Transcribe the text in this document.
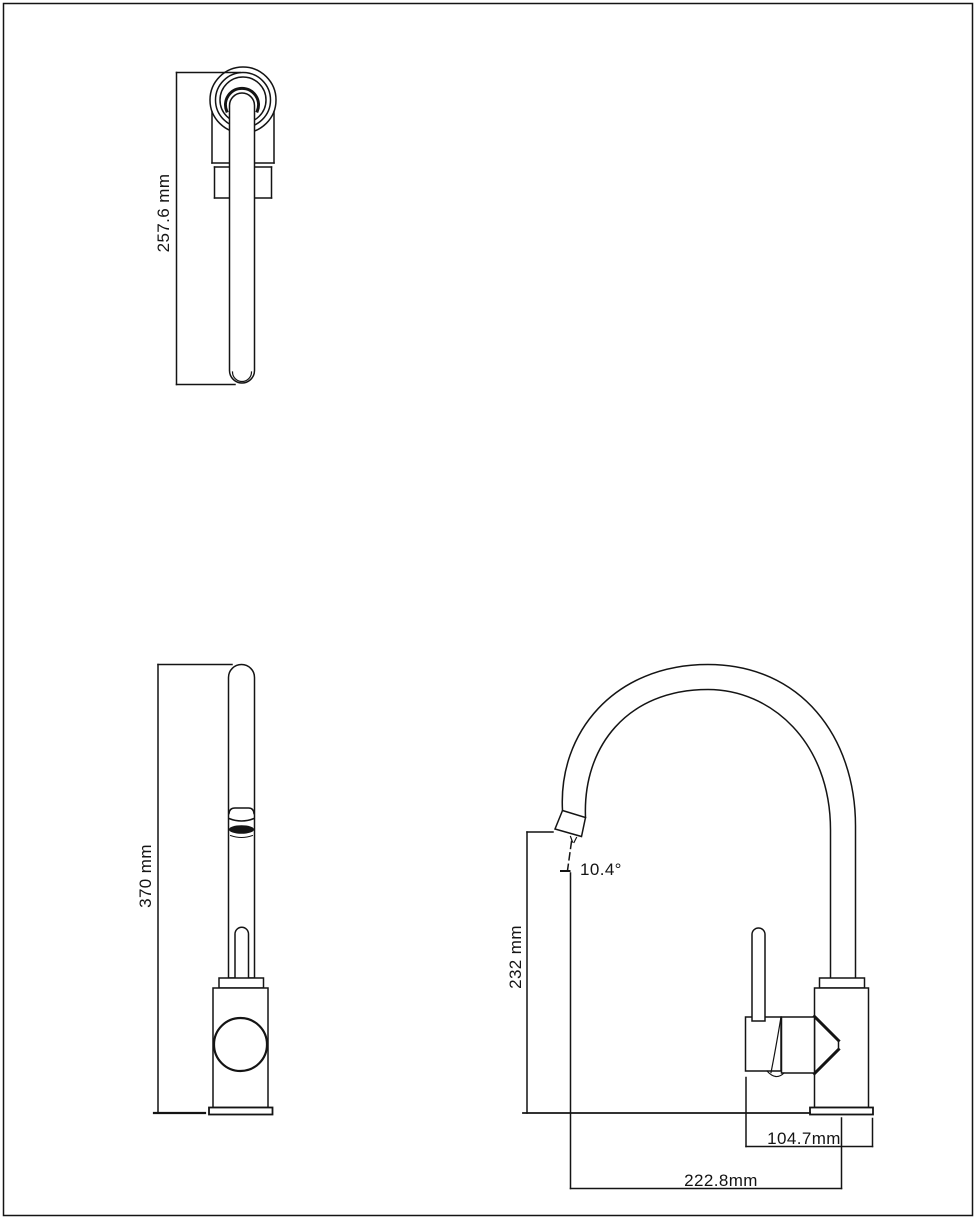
257.6 mm
370 mm
232 mm
10.4°
104.7mm
222.8mm
